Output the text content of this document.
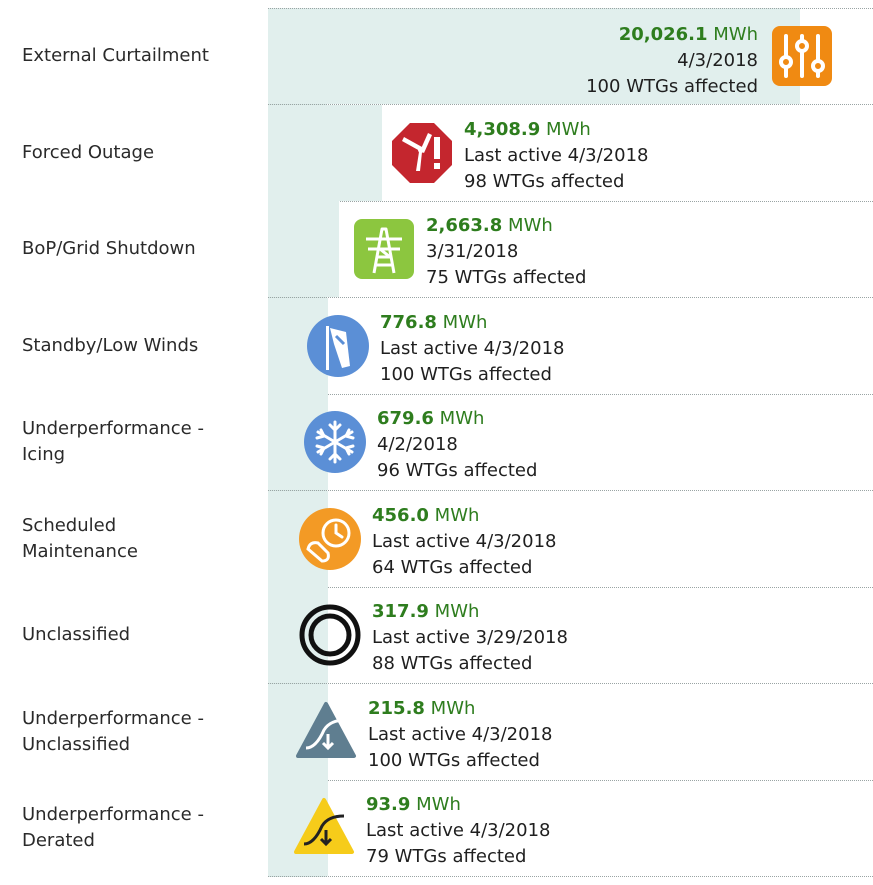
External Curtailment
20,026.1 MWh
4/3/2018
100 WTGs affected
Forced Outage
4,308.9 MWh
Last active 4/3/2018
98 WTGs affected
BoP/Grid Shutdown
2,663.8 MWh
3/31/2018
75 WTGs affected
Standby/Low Winds
776.8 MWh
Last active 4/3/2018
100 WTGs affected
Underperformance -
Icing
679.6 MWh
4/2/2018
96 WTGs affected
Scheduled
Maintenance
456.0 MWh
Last active 4/3/2018
64 WTGs affected
Unclassified
317.9 MWh
Last active 3/29/2018
88 WTGs affected
Underperformance -
Unclassified
215.8 MWh
Last active 4/3/2018
100 WTGs affected
Underperformance -
Derated
93.9 MWh
Last active 4/3/2018
79 WTGs affected
